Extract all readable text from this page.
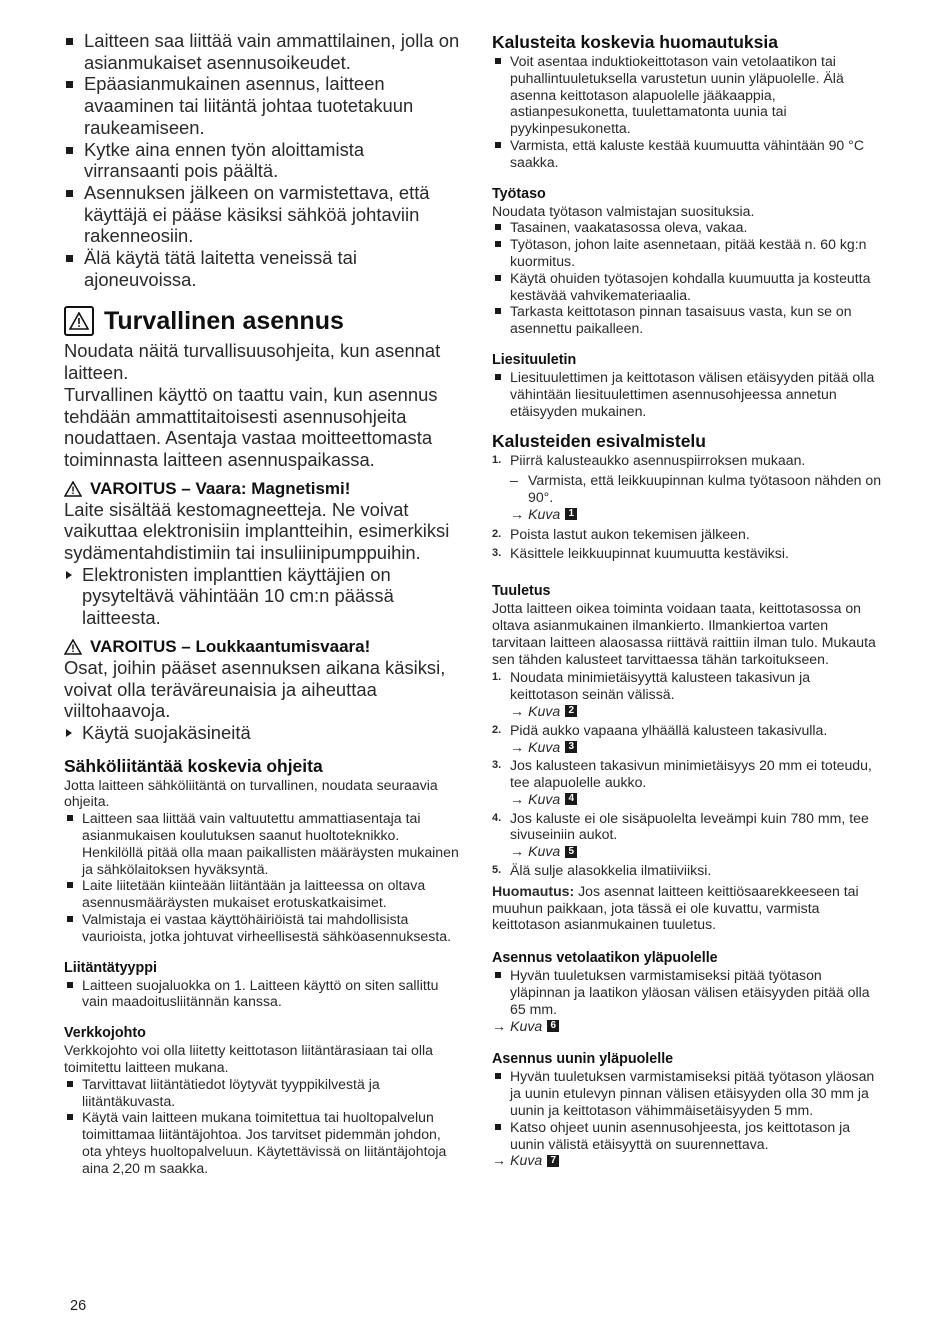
Laitteen saa liittää vain ammattilainen, jolla on asianmukaiset asennusoikeudet.
Epäasianmukainen asennus, laitteen avaaminen tai liitäntä johtaa tuotetakuun raukeamiseen.
Kytke aina ennen työn aloittamista virransaanti pois päältä.
Asennuksen jälkeen on varmistettava, että käyttäjä ei pääse käsiksi sähköä johtaviin rakenneosiin.
Älä käytä tätä laitetta veneissä tai ajoneuvoissa.
Turvallinen asennus

Noudata näitä turvallisuusohjeita, kun asennat laitteen.

Turvallinen käyttö on taattu vain, kun asennus tehdään ammattitaitoisesti asennusohjeita noudattaen. Asentaja vastaa moitteettomasta toiminnasta laitteen asennuspaikassa.

VAROITUS – Vaara: Magnetismi!

Laite sisältää kestomagneetteja. Ne voivat vaikuttaa elektronisiin implantteihin, esimerkiksi sydämentahdistimiin tai insuliinipumppuihin.

Elektronisten implanttien käyttäjien on pysyteltävä vähintään 10 cm:n päässä laitteesta.
VAROITUS – Loukkaantumisvaara!

Osat, joihin pääset asennuksen aikana käsiksi, voivat olla teräväreunaisia ja aiheuttaa viiltohaavoja.

Käytä suojakäsineitä
Sähköliitäntää koskevia ohjeita

Jotta laitteen sähköliitäntä on turvallinen, noudata seuraavia ohjeita.

Laitteen saa liittää vain valtuutettu ammattiasentaja tai asianmukaisen koulutuksen saanut huoltoteknikko. Henkilöllä pitää olla maan paikallisten määräysten mukainen ja sähkölaitoksen hyväksyntä.
Laite liitetään kiinteään liitäntään ja laitteessa on oltava asennusmääräysten mukaiset erotuskatkaisimet.
Valmistaja ei vastaa käyttöhäiriöistä tai mahdollisista vaurioista, jotka johtuvat virheellisestä sähköasennuksesta.
Liitäntätyyppi
Laitteen suojaluokka on 1. Laitteen käyttö on siten sallittu vain maadoitusliitännän kanssa.
Verkkojohto

Verkkojohto voi olla liitetty keittotason liitäntärasiaan tai olla toimitettu laitteen mukana.

Tarvittavat liitäntätiedot löytyvät tyyppikilvestä ja liitäntäkuvasta.
Käytä vain laitteen mukana toimitettua tai huoltopalvelun toimittamaa liitäntäjohtoa. Jos tarvitset pidemmän johdon, ota yhteys huoltopalveluun. Käytettävissä on liitäntäjohtoja aina 2,20 m saakka.
Kalusteita koskevia huomautuksia
Voit asentaa induktiokeittotason vain vetolaatikon tai puhallintuuletuksella varustetun uunin yläpuolelle. Älä asenna keittotason alapuolelle jääkaappia, astianpesukonetta, tuulettamatonta uunia tai pyykinpesukonetta.
Varmista, että kaluste kestää kuumuutta vähintään 90 °C saakka.
Työtaso

Noudata työtason valmistajan suosituksia.

Tasainen, vaakatasossa oleva, vakaa.
Työtason, johon laite asennetaan, pitää kestää n. 60 kg:n kuormitus.
Käytä ohuiden työtasojen kohdalla kuumuutta ja kosteutta kestävää vahvikemateriaalia.
Tarkasta keittotason pinnan tasaisuus vasta, kun se on asennettu paikalleen.
Liesituuletin
Liesituulettimen ja keittotason välisen etäisyyden pitää olla vähintään liesituulettimen asennusohjeessa annetun etäisyyden mukainen.
Kalusteiden esivalmistelu
1. Piirrä kalusteaukko asennuspiirroksen mukaan.
– Varmista, että leikkuupinnan kulma työtasoon nähden on 90°.
→ Kuva 1
2. Poista lastut aukon tekemisen jälkeen.
3. Käsittele leikkuupinnat kuumuutta kestäviksi.
Tuuletus

Jotta laitteen oikea toiminta voidaan taata, keittotasossa on oltava asianmukainen ilmankierto. Ilmankiertoa varten tarvitaan laitteen alaosassa riittävä raittiin ilman tulo. Mukauta sen tähden kalusteet tarvittaessa tähän tarkoitukseen.

1. Noudata minimietäisyyttä kalusteen takasivun ja keittotason seinän välissä.
→ Kuva 2
2. Pidä aukko vapaana ylhäällä kalusteen takasivulla.
→ Kuva 3
3. Jos kalusteen takasivun minimietäisyys 20 mm ei toteudu, tee alapuolelle aukko.
→ Kuva 4
4. Jos kaluste ei ole sisäpuolelta leveämpi kuin 780 mm, tee sivuseiniin aukot.
→ Kuva 5
5. Älä sulje alasokkelia ilmatiiviiksi.
Huomautus: Jos asennat laitteen keittiösaarekkeeseen tai muuhun paikkaan, jota tässä ei ole kuvattu, varmista keittotason asianmukainen tuuletus.
Asennus vetolaatikon yläpuolelle
Hyvän tuuletuksen varmistamiseksi pitää työtason yläpinnan ja laatikon yläosan välisen etäisyyden pitää olla 65 mm.
→ Kuva 6
Asennus uunin yläpuolelle
Hyvän tuuletuksen varmistamiseksi pitää työtason yläosan ja uunin etulevyn pinnan välisen etäisyyden olla 30 mm ja uunin ja keittotason vähimmäisetäisyyden 5 mm.
Katso ohjeet uunin asennusohjeesta, jos keittotason ja uunin välistä etäisyyttä on suurennettava.
→ Kuva 7
26
